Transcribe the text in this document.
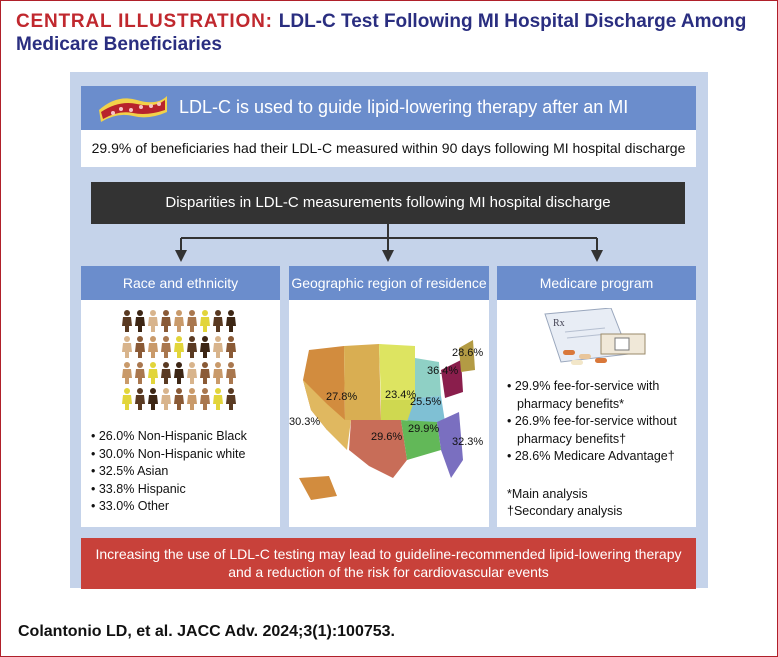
CENTRAL ILLUSTRATION: LDL-C Test Following MI Hospital Discharge Among Medicare Beneficiaries
LDL-C is used to guide lipid-lowering therapy after an MI
29.9% of beneficiaries had their LDL-C measured within 90 days following MI hospital discharge
Disparities in LDL-C measurements following MI hospital discharge
Race and ethnicity
• 26.0% Non-Hispanic Black
• 30.0% Non-Hispanic white
• 32.5% Asian
• 33.8% Hispanic
• 33.0% Other
Geographic region of residence
28.6%
36.4%
27.8%	23.4%
25.5%
30.3%
29.9%
29.6%	32.3%
Medicare program
Rx
• 29.9% fee-for-service with pharmacy benefits*
• 26.9% fee-for-service without pharmacy benefits†
• 28.6% Medicare Advantage†
*Main analysis
†Secondary analysis
Increasing the use of LDL-C testing may lead to guideline-recommended lipid-lowering therapy
and a reduction of the risk for cardiovascular events
Colantonio LD, et al. JACC Adv. 2024;3(1):100753.
